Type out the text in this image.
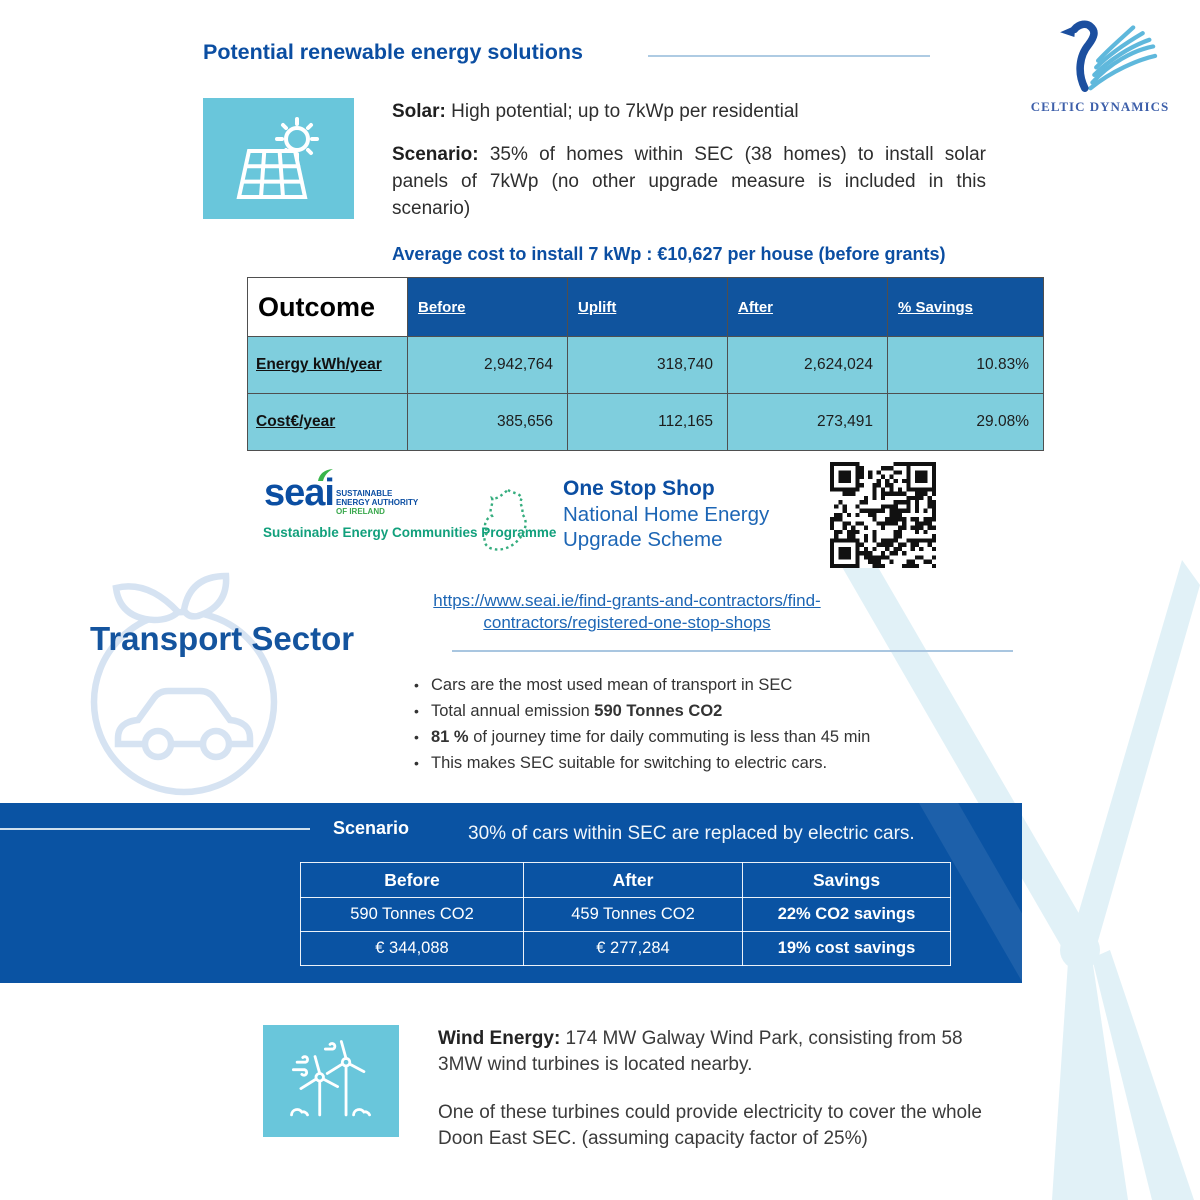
Potential renewable energy solutions
CELTIC DYNAMICS
Solar: High potential; up to 7kWp per residential
Scenario: 35% of homes within SEC (38 homes) to install solar panels of 7kWp (no other upgrade measure is included in this scenario)
Average cost to install 7 kWp : €10,627 per house (before grants)
Outcome	Before	Uplift	After	% Savings
Energy kWh/year	2,942,764	318,740	2,624,024	10.83%
Cost€/year	385,656	112,165	273,491	29.08%
seai SUSTAINABLE
ENERGY AUTHORITY
OF IRELAND
Sustainable Energy Communities Programme
One Stop Shop
National Home Energy
Upgrade Scheme
https://www.seai.ie/find-grants-and-contractors/find-
contractors/registered-one-stop-shops
Transport Sector
• Cars are the most used mean of transport in SEC
• Total annual emission 590 Tonnes CO2
• 81 % of journey time for daily commuting is less than 45 min
• This makes SEC suitable for switching to electric cars.
Scenario	30% of cars within SEC are replaced by electric cars.
Before	After	Savings
590 Tonnes CO2	459 Tonnes CO2	22% CO2 savings
€ 344,088	€ 277,284	19% cost savings
Wind Energy: 174 MW Galway Wind Park, consisting from 58 3MW wind turbines is located nearby.
One of these turbines could provide electricity to cover the whole Doon East SEC. (assuming capacity factor of 25%)
